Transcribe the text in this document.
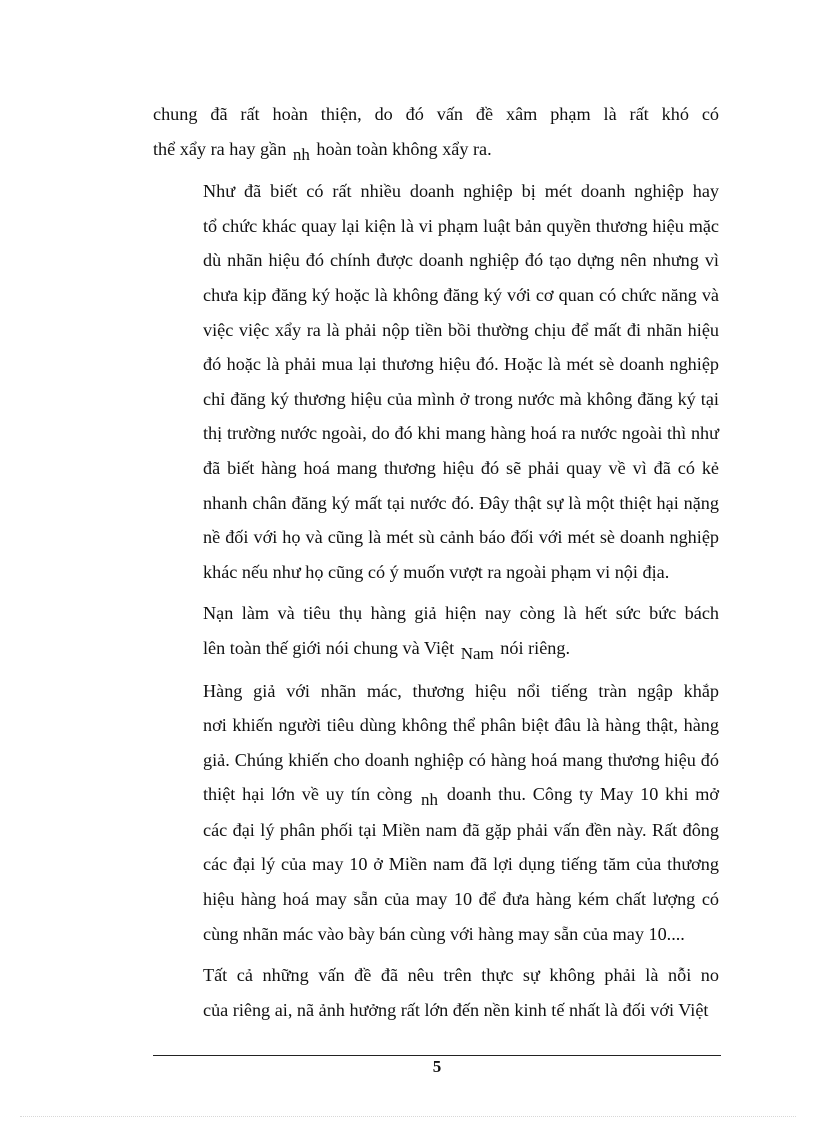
chung đã rất hoàn thiện, do đó vấn đề xâm phạm là rất khó có
thể xẩy ra hay gần nh hoàn toàn không xẩy ra.

Như đã biết có rất nhiều doanh nghiệp bị mét doanh nghiệp hay
tổ chức khác quay lại kiện là vi phạm luật bản quyền thương hiệu mặc
dù nhãn hiệu đó chính được doanh nghiệp đó tạo dựng nên nhưng vì
chưa kịp đăng ký hoặc là không đăng ký với cơ quan có chức năng và
việc việc xẩy ra là phải nộp tiền bồi thường chịu để mất đi nhãn hiệu
đó hoặc là phải mua lại thương hiệu đó. Hoặc là mét sè doanh nghiệp
chỉ đăng ký thương hiệu của mình ở trong nước mà không đăng ký tại
thị trường nước ngoài, do đó khi mang hàng hoá ra nước ngoài thì như
đã biết hàng hoá mang thương hiệu đó sẽ phải quay về vì đã có kẻ
nhanh chân đăng ký mất tại nước đó. Đây thật sự là một thiệt hại nặng
nề đối với họ và cũng là mét sù cảnh báo đối với mét sè doanh nghiệp
khác nếu như họ cũng có ý muốn vượt ra ngoài phạm vi nội địa.

Nạn làm và tiêu thụ hàng giả hiện nay còng là hết sức bức bách
lên toàn thế giới nói chung và Việt Nam nói riêng.

Hàng giả với nhãn mác, thương hiệu nổi tiếng tràn ngập khắp
nơi khiến người tiêu dùng không thể phân biệt đâu là hàng thật, hàng
giả. Chúng khiến cho doanh nghiệp có hàng hoá mang thương hiệu đó
thiệt hại lớn về uy tín còng nh doanh thu. Công ty May 10 khi mở
các đại lý phân phối tại Miền nam đã gặp phải vấn đền này. Rất đông
các đại lý của may 10 ở Miền nam đã lợi dụng tiếng tăm của thương
hiệu hàng hoá may sẵn của may 10 để đưa hàng kém chất lượng có
cùng nhãn mác vào bày bán cùng với hàng may sẵn của may 10....

Tất cả những vấn đề đã nêu trên thực sự không phải là nỗi no
của riêng ai, nã ảnh hưởng rất lớn đến nền kinh tế nhất là đối với Việt

5
